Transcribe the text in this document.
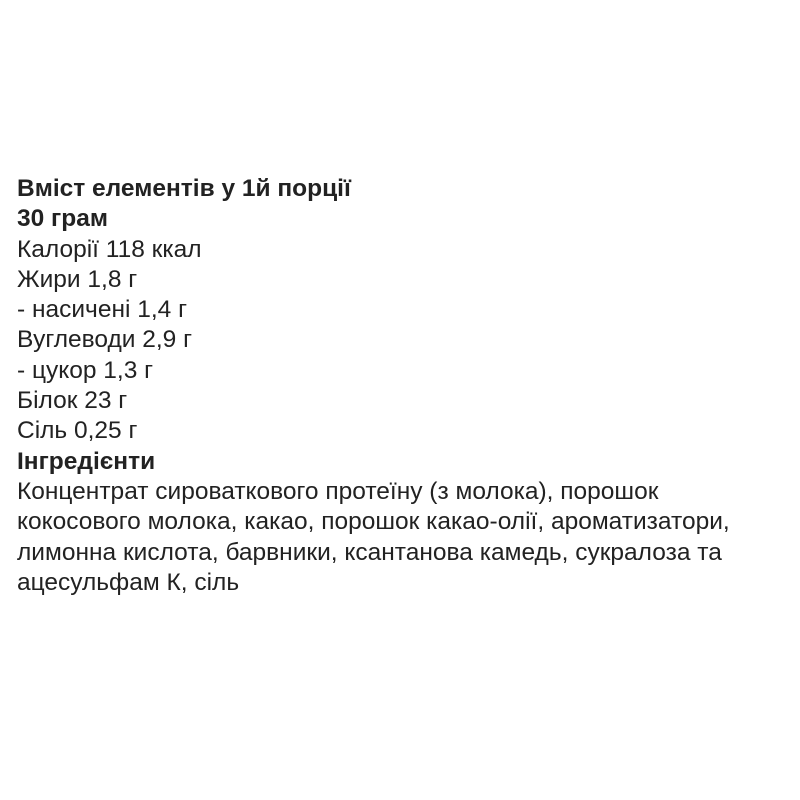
Вміст елементів у 1й порції
30 грам
Калорії 118 ккал
Жири 1,8 г
- насичені 1,4 г
Вуглеводи 2,9 г
- цукор 1,3 г
Білок 23 г
Сіль 0,25 г
Інгредієнти
Концентрат сироваткового протеїну (з молока), порошок
кокосового молока, какао, порошок какао-олії, ароматизатори,
лимонна кислота, барвники, ксантанова камедь, сукралоза та
ацесульфам К, сіль
